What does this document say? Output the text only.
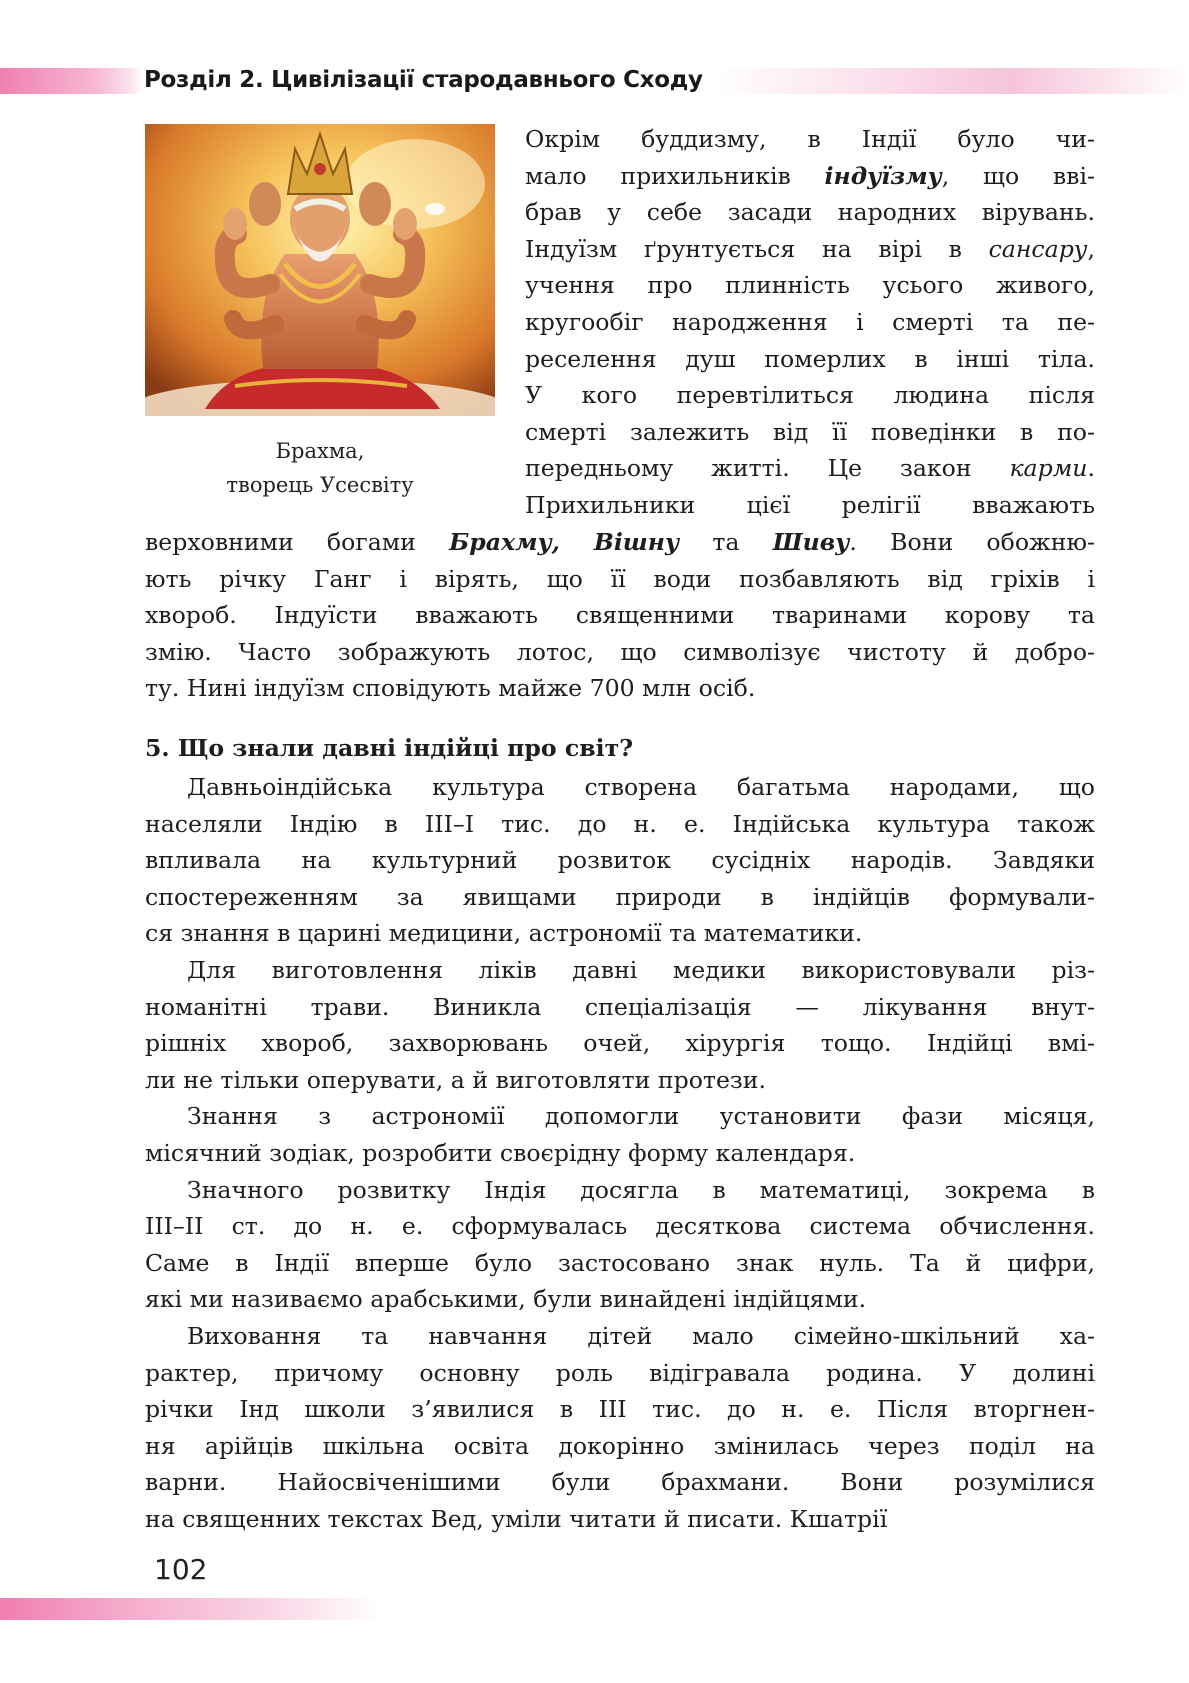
Розділ 2. Цивілізації стародавнього Сходу
Брахма,
творець Усесвіту
Окрім буддизму, в Індії було чи-
мало прихильників індуїзму, що вві-
брав у себе засади народних вірувань.
Індуїзм ґрунтується на вірі в сансару,
учення про плинність усього живого,
кругообіг народження і смерті та пе-
реселення душ померлих в інші тіла.
У кого перевтілиться людина після
смерті залежить від її поведінки в по-
передньому житті. Це закон карми.
Прихильники цієї релігії вважають
верховними богами Брахму, Вішну та Шиву. Вони обожню-
ють річку Ганг і вірять, що її води позбавляють від гріхів і
хвороб. Індуїсти вважають священними тваринами корову та
змію. Часто зображують лотос, що символізує чистоту й добро-
ту. Нині індуїзм сповідують майже 700 млн осіб.
5. Що знали давні індійці про світ?
Давньоіндійська культура створена багатьма народами, що
населяли Індію в ІІІ–І тис. до н. е. Індійська культура також
впливала на культурний розвиток сусідніх народів. Завдяки
спостереженням за явищами природи в індійців формували-
ся знання в царині медицини, астрономії та математики.
Для виготовлення ліків давні медики використовували різ-
номанітні трави. Виникла спеціалізація — лікування внут-
рішніх хвороб, захворювань очей, хірургія тощо. Індійці вмі-
ли не тільки оперувати, а й виготовляти протези.
Знання з астрономії допомогли установити фази місяця,
місячний зодіак, розробити своєрідну форму календаря.
Значного розвитку Індія досягла в математиці, зокрема в
ІІІ–ІІ ст. до н. е. сформувалась десяткова система обчислення.
Саме в Індії вперше було застосовано знак нуль. Та й цифри,
які ми називаємо арабськими, були винайдені індійцями.
Виховання та навчання дітей мало сімейно-шкільний ха-
рактер, причому основну роль відігравала родина. У долині
річки Інд школи з’явилися в ІІІ тис. до н. е. Після вторгнен-
ня арійців шкільна освіта докорінно змінилась через поділ на
варни. Найосвіченішими були брахмани. Вони розумілися
на священних текстах Вед, уміли читати й писати. Кшатрії
102
